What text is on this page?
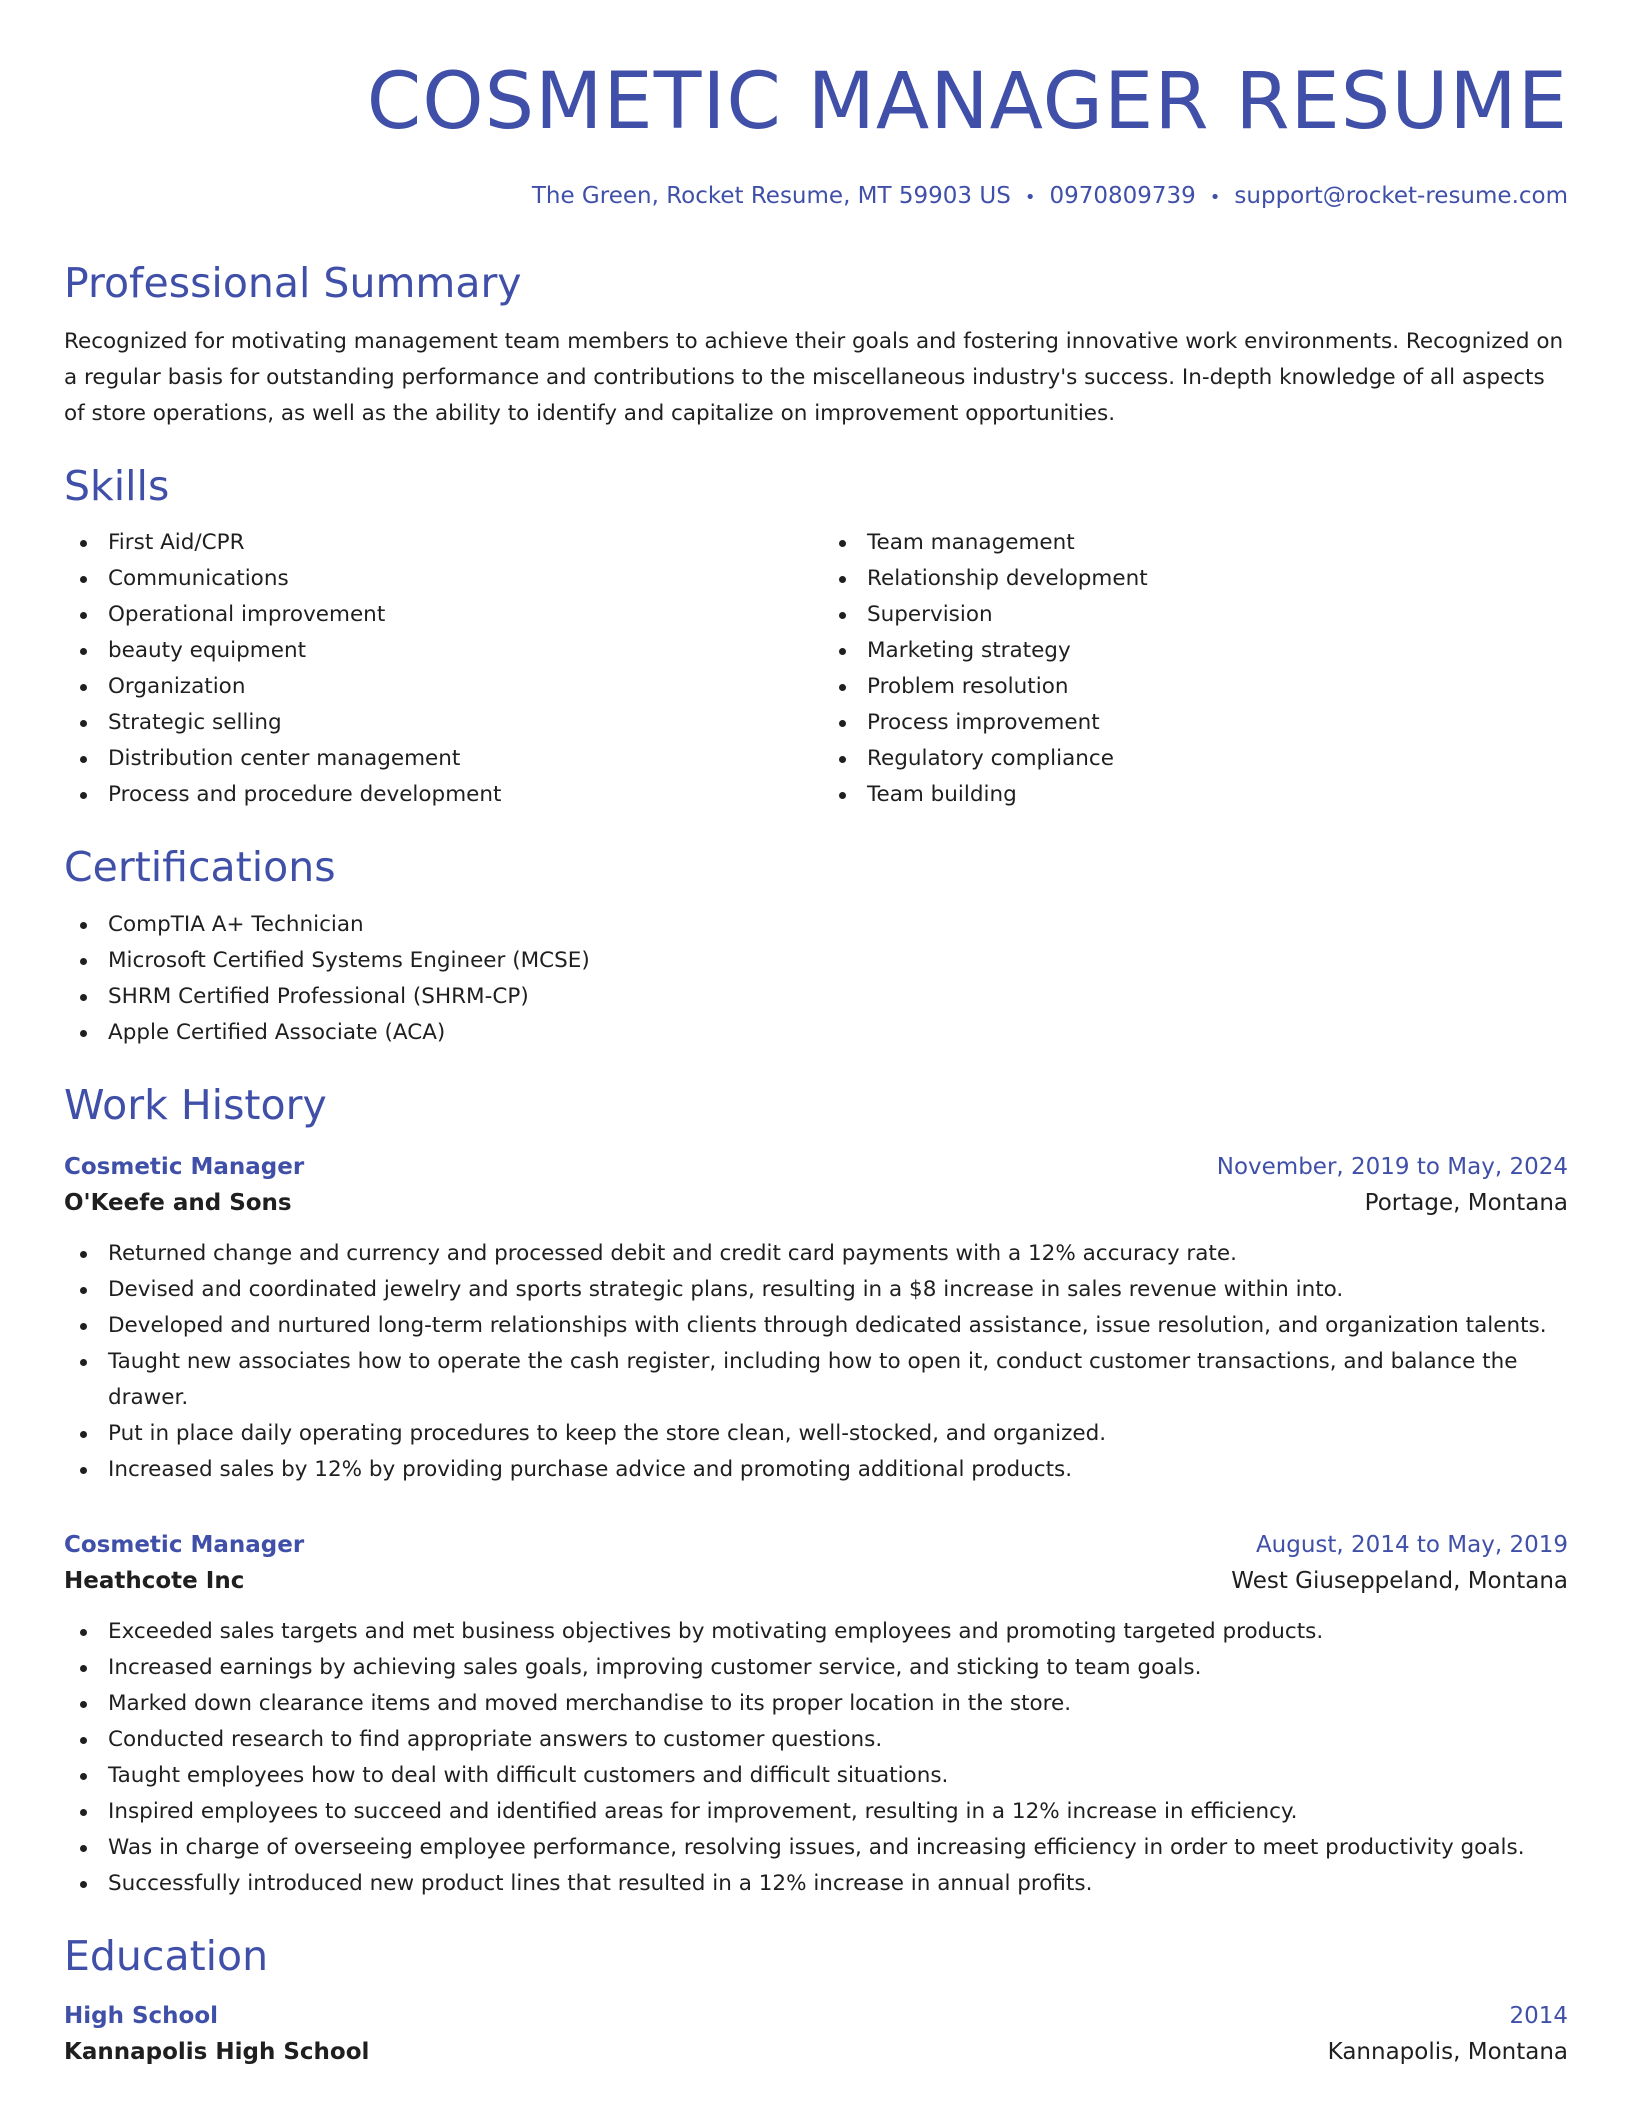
COSMETIC MANAGER RESUME
The Green, Rocket Resume, MT 59903 US • 0970809739 • support@rocket-resume.com
Professional Summary

Recognized for motivating management team members to achieve their goals and fostering innovative work environments. Recognized on a regular basis for outstanding performance and contributions to the miscellaneous industry's success. In-depth knowledge of all aspects of store operations, as well as the ability to identify and capitalize on improvement opportunities.

Skills
First Aid/CPR
Communications
Operational improvement
beauty equipment
Organization
Strategic selling
Distribution center management
Process and procedure development
Team management
Relationship development
Supervision
Marketing strategy
Problem resolution
Process improvement
Regulatory compliance
Team building
Certifications
CompTIA A+ Technician
Microsoft Certified Systems Engineer (MCSE)
SHRM Certified Professional (SHRM-CP)
Apple Certified Associate (ACA)
Work History
Cosmetic Manager	November, 2019 to May, 2024
O'Keefe and Sons	Portage, Montana
Returned change and currency and processed debit and credit card payments with a 12% accuracy rate.
Devised and coordinated jewelry and sports strategic plans, resulting in a $8 increase in sales revenue within into.
Developed and nurtured long-term relationships with clients through dedicated assistance, issue resolution, and organization talents.
Taught new associates how to operate the cash register, including how to open it, conduct customer transactions, and balance the drawer.
Put in place daily operating procedures to keep the store clean, well-stocked, and organized.
Increased sales by 12% by providing purchase advice and promoting additional products.
Cosmetic Manager	August, 2014 to May, 2019
Heathcote Inc	West Giuseppeland, Montana
Exceeded sales targets and met business objectives by motivating employees and promoting targeted products.
Increased earnings by achieving sales goals, improving customer service, and sticking to team goals.
Marked down clearance items and moved merchandise to its proper location in the store.
Conducted research to find appropriate answers to customer questions.
Taught employees how to deal with difficult customers and difficult situations.
Inspired employees to succeed and identified areas for improvement, resulting in a 12% increase in efficiency.
Was in charge of overseeing employee performance, resolving issues, and increasing efficiency in order to meet productivity goals.
Successfully introduced new product lines that resulted in a 12% increase in annual profits.
Education
High School	2014
Kannapolis High School	Kannapolis, Montana
